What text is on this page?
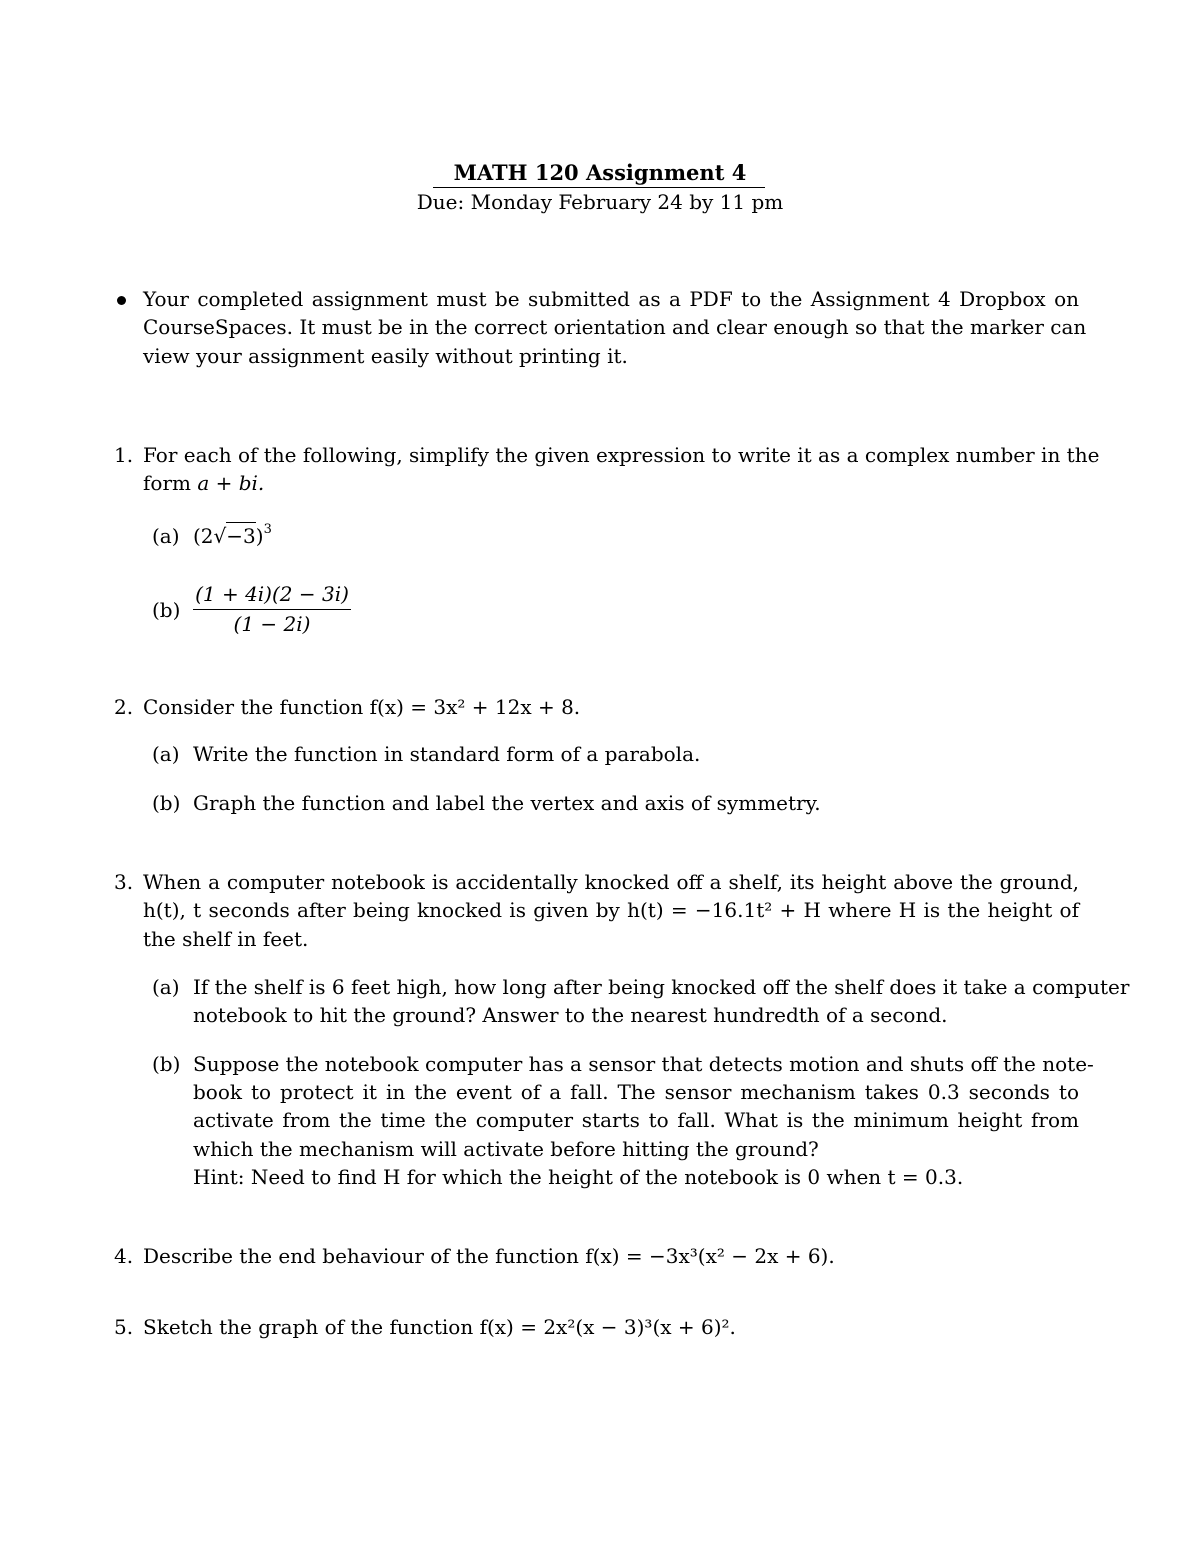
MATH 120 Assignment 4
Due: Monday February 24 by 11 pm
Your completed assignment must be submitted as a PDF to the Assignment 4 Dropbox on
CourseSpaces. It must be in the correct orientation and clear enough so that the marker can
view your assignment easily without printing it.
1. For each of the following, simplify the given expression to write it as a complex number in the
form a + bi.
(a) $(2√-3)^3$
(b)
(1 + 4i)(2 − 3i)
(1 − 2i)
2. Consider the function f(x) = 3x² + 12x + 8.
(a) Write the function in standard form of a parabola.
(b) Graph the function and label the vertex and axis of symmetry.
3. When a computer notebook is accidentally knocked off a shelf, its height above the ground,
h(t), t seconds after being knocked is given by h(t) = −16.1t² + H where H is the height of
the shelf in feet.
(a) If the shelf is 6 feet high, how long after being knocked off the shelf does it take a computer
notebook to hit the ground? Answer to the nearest hundredth of a second.
(b) Suppose the notebook computer has a sensor that detects motion and shuts off the note-
book to protect it in the event of a fall. The sensor mechanism takes 0.3 seconds to
activate from the time the computer starts to fall. What is the minimum height from
which the mechanism will activate before hitting the ground?
Hint: Need to find H for which the height of the notebook is 0 when t = 0.3.
4. Describe the end behaviour of the function f(x) = −3x³(x² − 2x + 6).
5. Sketch the graph of the function f(x) = 2x²(x − 3)³(x + 6)².
